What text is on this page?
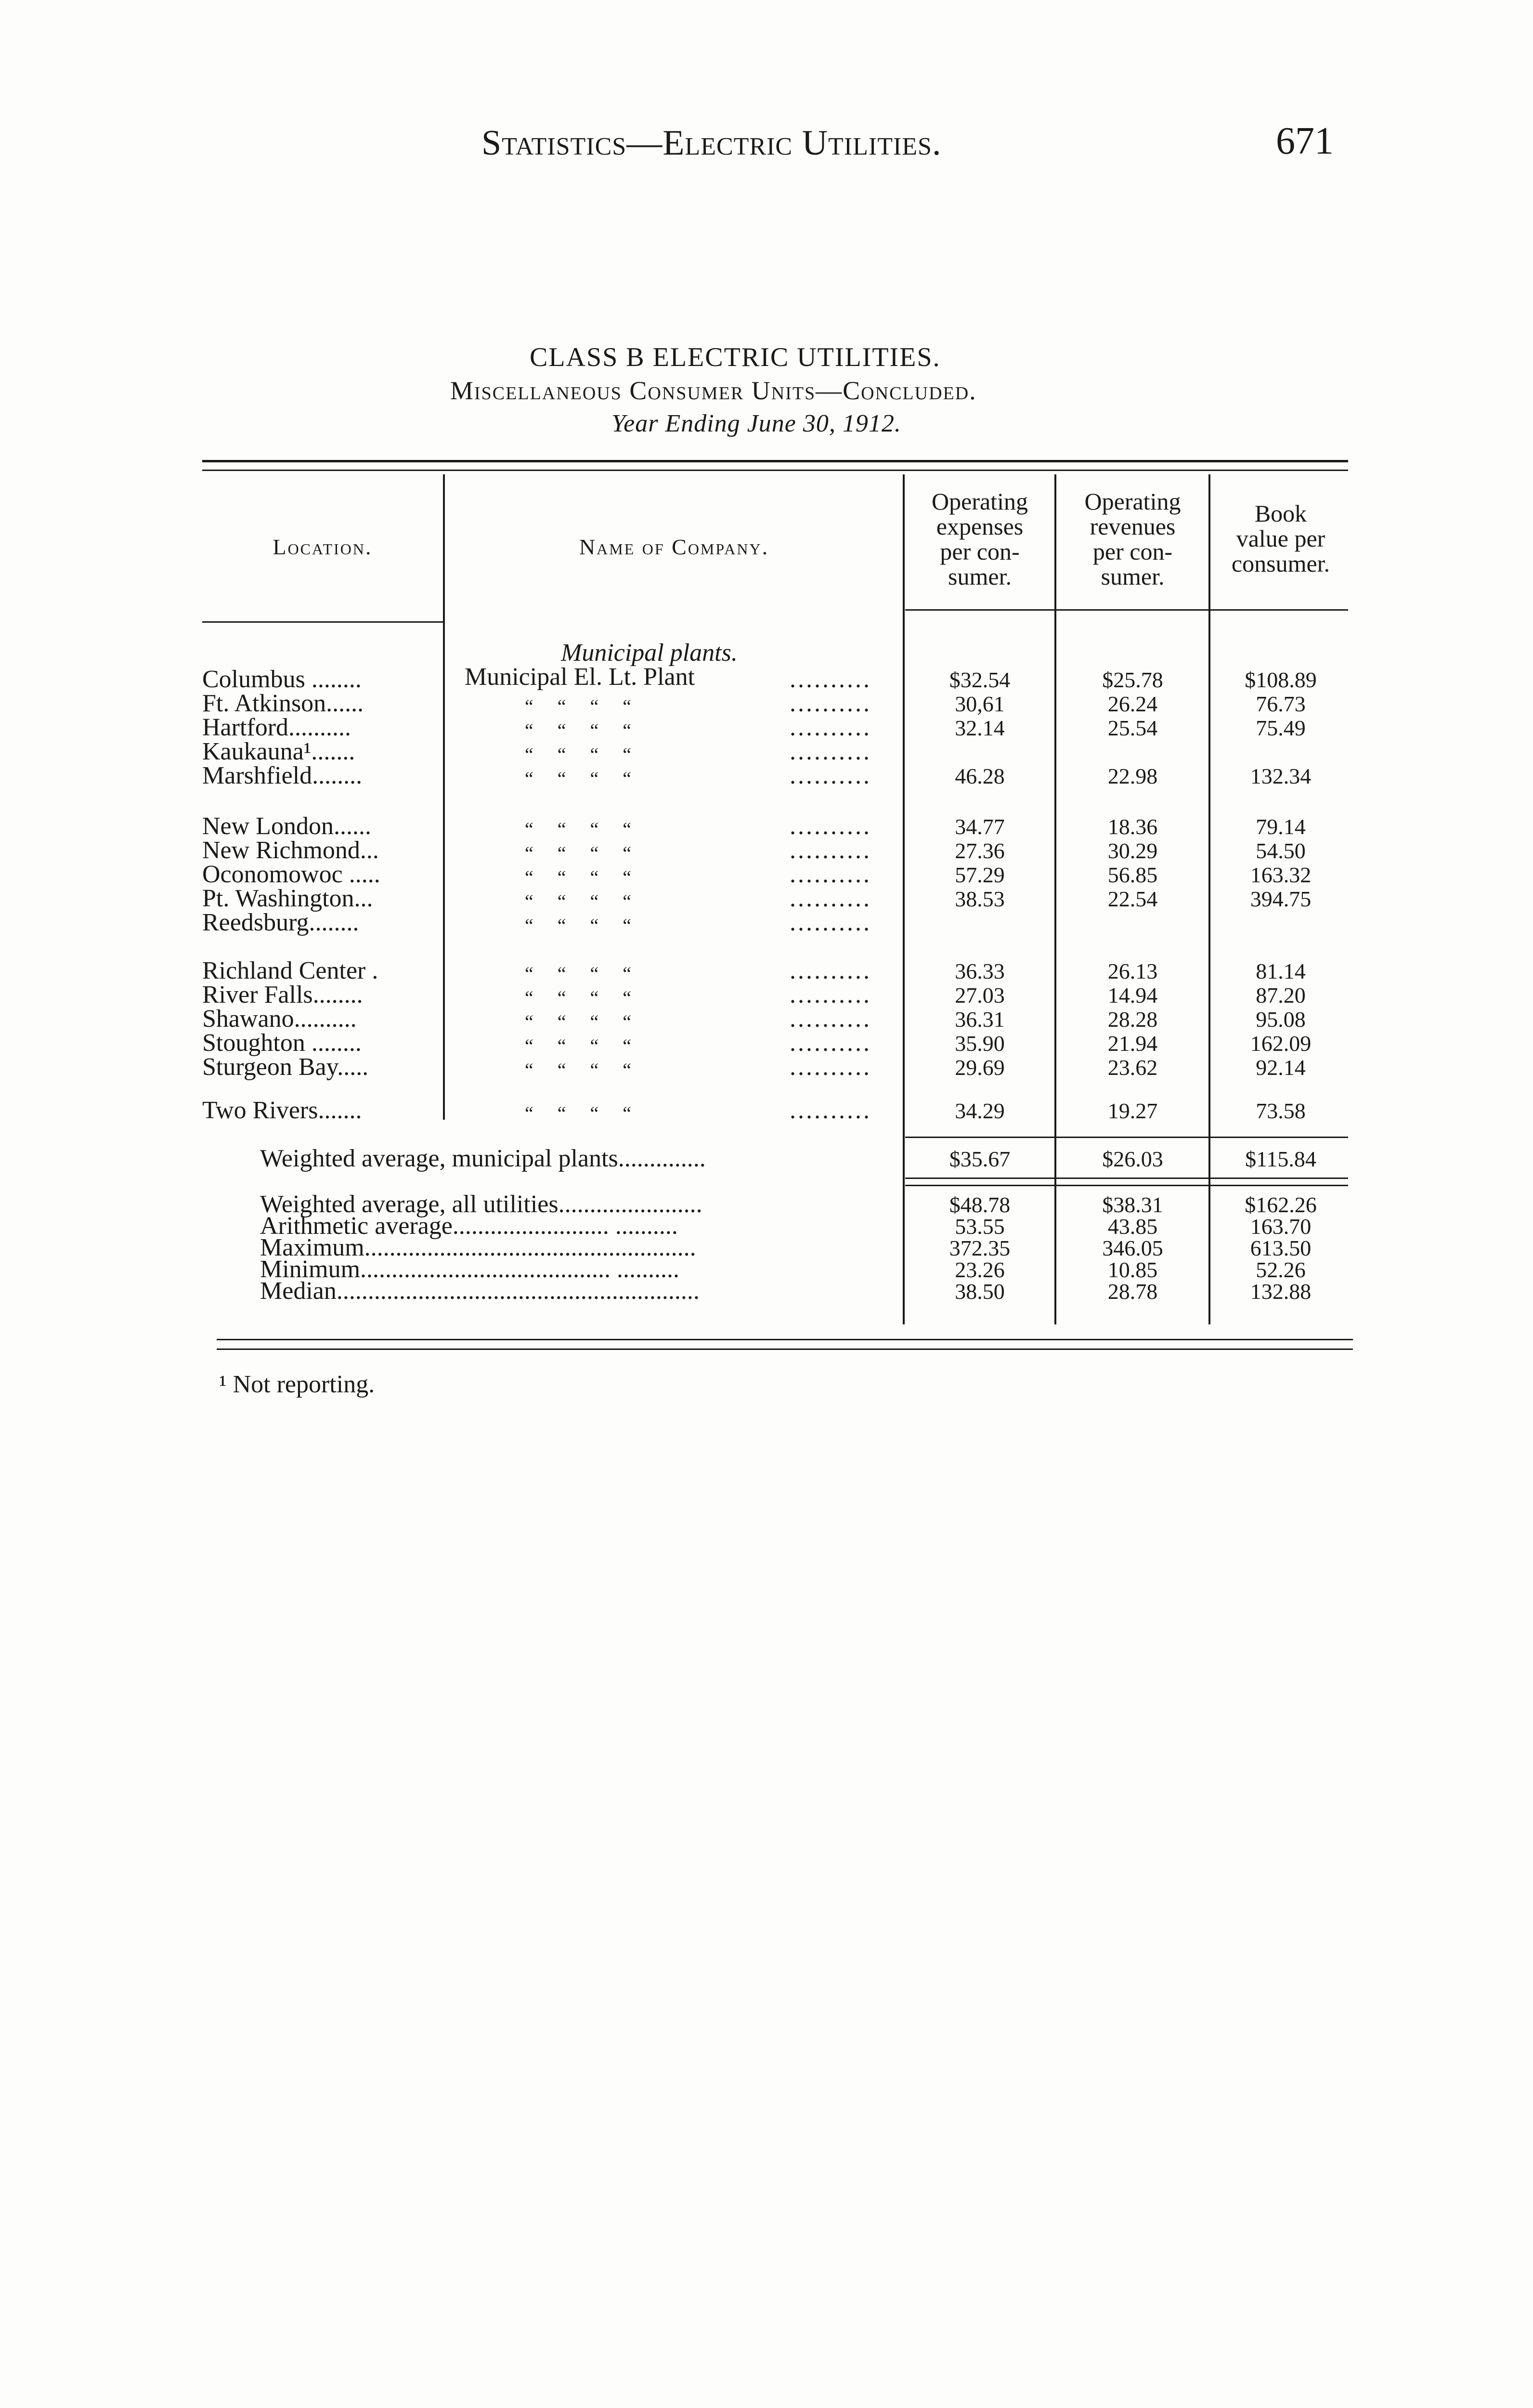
Statistics—Electric Utilities.	671
CLASS B ELECTRIC UTILITIES.
Miscellaneous Consumer Units—Concluded.
Year Ending June 30, 1912.
Location.	Name of Company.
Operating
expenses
per con-
sumer.
Operating
revenues
per con-
sumer.
Book
value per
consumer.
Municipal plants.
Municipal El. Lt. Plant
Columbus ........	..........	$32.54	$25.78	$108.89
Ft. Atkinson......	“     “     “     “	..........	30,61	26.24	76.73
Hartford..........	“     “     “     “	..........	32.14	25.54	75.49
Kaukauna¹.......	“     “     “     “	..........
Marshfield........	“     “     “     “	..........	46.28	22.98	132.34
New London......	“     “     “     “	..........	34.77	18.36	79.14
New Richmond...	“     “     “     “	..........	27.36	30.29	54.50
Oconomowoc .....	“     “     “     “	..........	57.29	56.85	163.32
Pt. Washington...	“     “     “     “	..........	38.53	22.54	394.75
Reedsburg........	“     “     “     “	..........
Richland Center .	“     “     “     “	..........	36.33	26.13	81.14
River Falls........	“     “     “     “	..........	27.03	14.94	87.20
Shawano..........	“     “     “     “	..........	36.31	28.28	95.08
Stoughton ........	“     “     “     “	..........	35.90	21.94	162.09
Sturgeon Bay.....	“     “     “     “	..........	29.69	23.62	92.14
Two Rivers.......	“     “     “     “	..........	34.29	19.27	73.58
Weighted average, municipal plants..............	$35.67	$26.03	$115.84
Weighted average, all utilities.......................	$48.78	$38.31	$162.26
Arithmetic average......................... ..........	53.55	43.85	163.70
Maximum.....................................................	372.35	346.05	613.50
Minimum........................................ ..........	23.26	10.85	52.26
Median..........................................................	38.50	28.78	132.88
¹ Not reporting.
